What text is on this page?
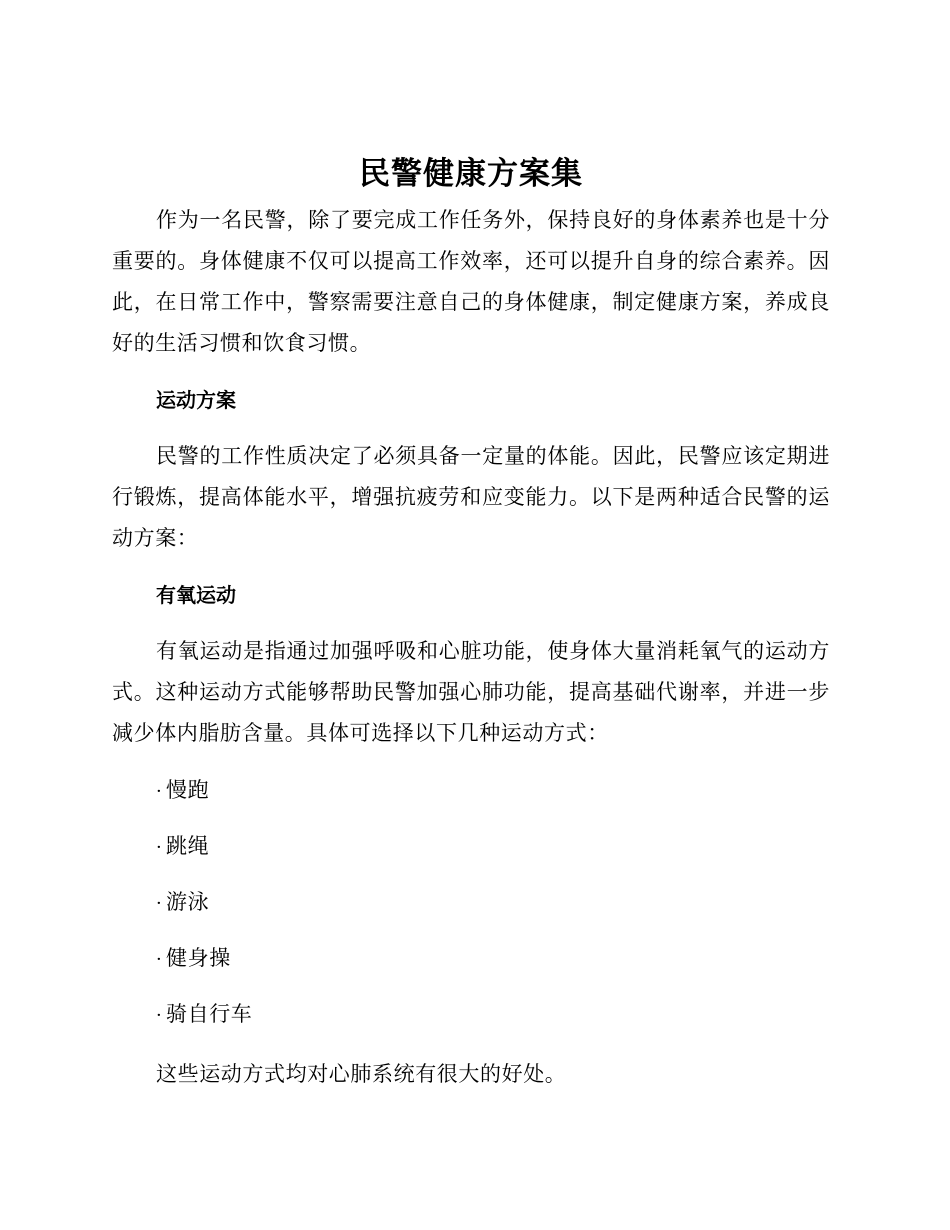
民警健康方案集

作为一名民警，除了要完成工作任务外，保持良好的身体素养也是十分重要的。身体健康不仅可以提高工作效率，还可以提升自身的综合素养。因此，在日常工作中，警察需要注意自己的身体健康，制定健康方案，养成良好的生活习惯和饮食习惯。

运动方案

民警的工作性质决定了必须具备一定量的体能。因此，民警应该定期进行锻炼，提高体能水平，增强抗疲劳和应变能力。以下是两种适合民警的运动方案：

有氧运动

有氧运动是指通过加强呼吸和心脏功能，使身体大量消耗氧气的运动方式。这种运动方式能够帮助民警加强心肺功能，提高基础代谢率，并进一步减少体内脂肪含量。具体可选择以下几种运动方式：

· 慢跑

· 跳绳

· 游泳

· 健身操

· 骑自行车

这些运动方式均对心肺系统有很大的好处。
